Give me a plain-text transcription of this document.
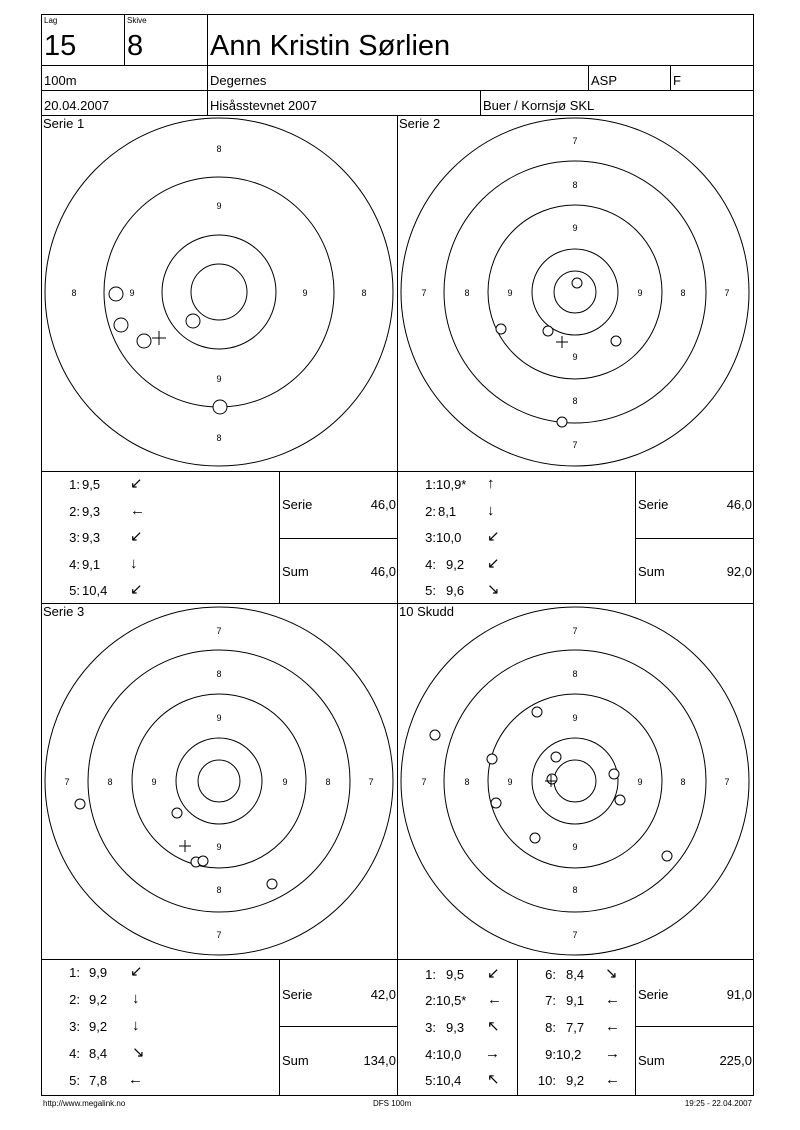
Lag
15
Skive
8 Ann Kristin Sørlien
100m	Degernes	ASP	F
20.04.2007	Hisåsstevnet 2007	Buer / Kornsjø SKL
Serie 1	Serie 2
Serie 3	10 Skudd
8
8
8	8
9
9
9	9
7
7
7	7
8
8
8	8
9
9
9	9
7
7
7	7
8
8
8	8
9
9
9	9
7
7
7	7
8
8
8	8
9
9
9	9
1: 9,5 ↙
2: 9,3 ←
3: 9,3 ↙
4: 9,1 ↓
5: 10,4 ↙
Serie	46,0
Sum	46,0
1: 10,9* ↑
2: 8,1 ↓
3: 10,0 ↙
4: 9,2 ↙
5: 9,6 ↘
Serie	46,0
Sum	92,0
1: 9,9 ↙
2: 9,2 ↓
3: 9,2 ↓
4: 8,4 ↘
5: 7,8 ←
Serie	42,0
Sum	134,0
1: 9,5 ↙
2: 10,5* ←
3: 9,3 ↖
4: 10,0 →
5: 10,4 ↖
6: 8,4 ↘
7: 9,1 ←
8: 7,7 ←
9: 10,2 →
10: 9,2 ←
Serie	91,0
Sum	225,0
http://www.megalink.no	DFS 100m	19:25 - 22.04.2007
